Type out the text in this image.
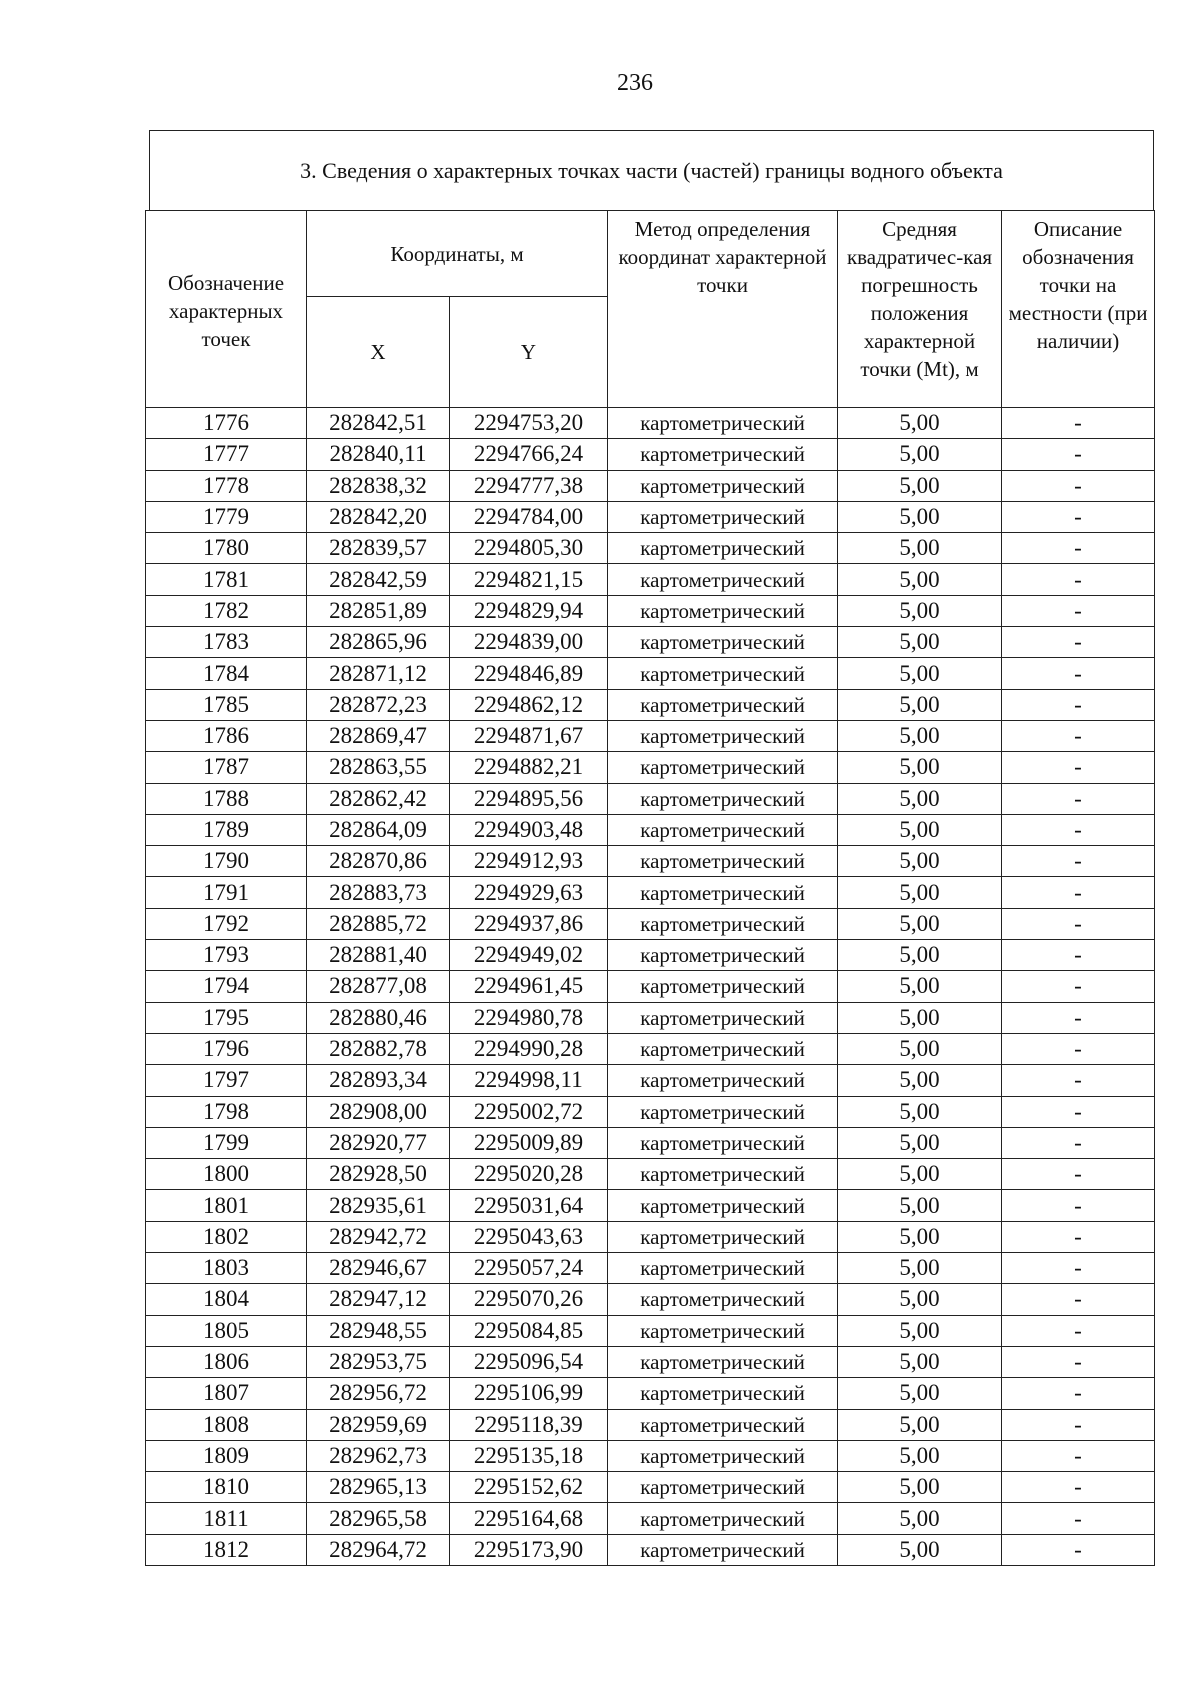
236
3. Сведения о характерных точках части (частей) границы водного объекта
Обозначение характерных точек	Координаты, м		Метод определения координат характерной точки	Средняя квадратичес-кая погрешность положения характерной точки (Mt), м	Описание обозначения точки на местности (при наличии)
	X	Y			
1776	282842,51	2294753,20	картометрический	5,00	-
1777	282840,11	2294766,24	картометрический	5,00	-
1778	282838,32	2294777,38	картометрический	5,00	-
1779	282842,20	2294784,00	картометрический	5,00	-
1780	282839,57	2294805,30	картометрический	5,00	-
1781	282842,59	2294821,15	картометрический	5,00	-
1782	282851,89	2294829,94	картометрический	5,00	-
1783	282865,96	2294839,00	картометрический	5,00	-
1784	282871,12	2294846,89	картометрический	5,00	-
1785	282872,23	2294862,12	картометрический	5,00	-
1786	282869,47	2294871,67	картометрический	5,00	-
1787	282863,55	2294882,21	картометрический	5,00	-
1788	282862,42	2294895,56	картометрический	5,00	-
1789	282864,09	2294903,48	картометрический	5,00	-
1790	282870,86	2294912,93	картометрический	5,00	-
1791	282883,73	2294929,63	картометрический	5,00	-
1792	282885,72	2294937,86	картометрический	5,00	-
1793	282881,40	2294949,02	картометрический	5,00	-
1794	282877,08	2294961,45	картометрический	5,00	-
1795	282880,46	2294980,78	картометрический	5,00	-
1796	282882,78	2294990,28	картометрический	5,00	-
1797	282893,34	2294998,11	картометрический	5,00	-
1798	282908,00	2295002,72	картометрический	5,00	-
1799	282920,77	2295009,89	картометрический	5,00	-
1800	282928,50	2295020,28	картометрический	5,00	-
1801	282935,61	2295031,64	картометрический	5,00	-
1802	282942,72	2295043,63	картометрический	5,00	-
1803	282946,67	2295057,24	картометрический	5,00	-
1804	282947,12	2295070,26	картометрический	5,00	-
1805	282948,55	2295084,85	картометрический	5,00	-
1806	282953,75	2295096,54	картометрический	5,00	-
1807	282956,72	2295106,99	картометрический	5,00	-
1808	282959,69	2295118,39	картометрический	5,00	-
1809	282962,73	2295135,18	картометрический	5,00	-
1810	282965,13	2295152,62	картометрический	5,00	-
1811	282965,58	2295164,68	картометрический	5,00	-
1812	282964,72	2295173,90	картометрический	5,00	-
